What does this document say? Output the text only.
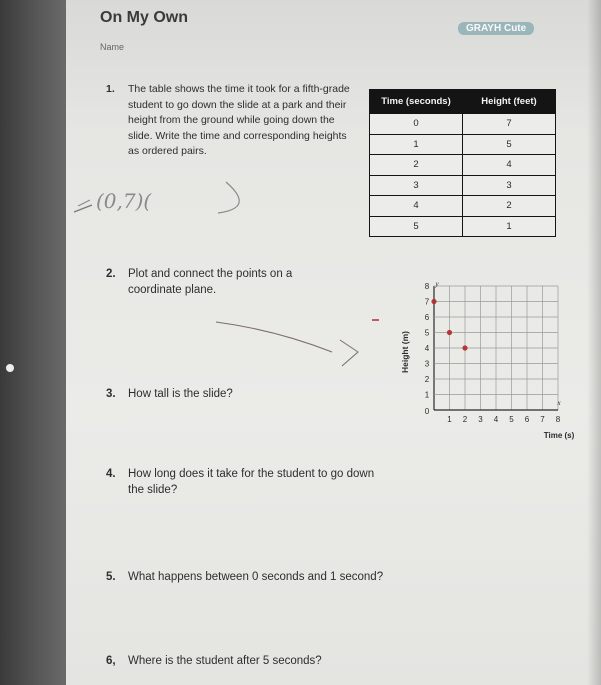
On My Own
Name
GRAYH Cute
1. The table shows the time it took for a fifth-grade student to go down the slide at a park and their height from the ground while going down the slide. Write the time and corresponding heights as ordered pairs.
Time (seconds)	Height (feet)
0	7
1	5
2	4
3	3
4	2
5	1
2. Plot and connect the points on a coordinate plane.
3. How tall is the slide?
4. How long does it take for the student to go down the slide?
5. What happens between 0 seconds and 1 second?
6, Where is the student after 5 seconds?
1 2 3 4 5 6 7 8
1
2
3
4
5
6
7
8
Height (m)
Time (s)
0
x
y
(0,7)(
